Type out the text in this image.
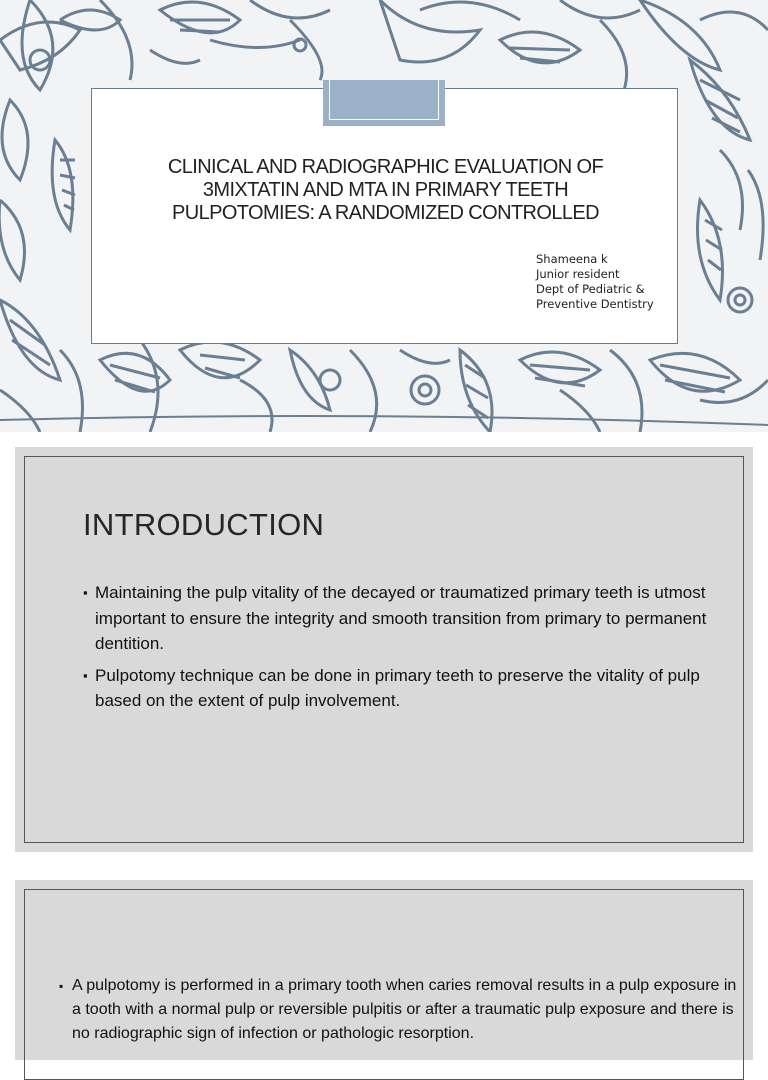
CLINICAL AND RADIOGRAPHIC EVALUATION OF
3MIXTATIN AND MTA IN PRIMARY TEETH
PULPOTOMIES: A RANDOMIZED CONTROLLED
Shameena k
Junior resident
Dept of Pediatric &
Preventive Dentistry
INTRODUCTION
▪ Maintaining the pulp vitality of the decayed or traumatized primary teeth is utmost important to ensure the integrity and smooth transition from primary to permanent dentition.
▪ Pulpotomy technique can be done in primary teeth to preserve the vitality of pulp based on the extent of pulp involvement.
▪ A pulpotomy is performed in a primary tooth when caries removal results in a pulp exposure in a tooth with a normal pulp or reversible pulpitis or after a traumatic pulp exposure and there is no radiographic sign of infection or pathologic resorption.
